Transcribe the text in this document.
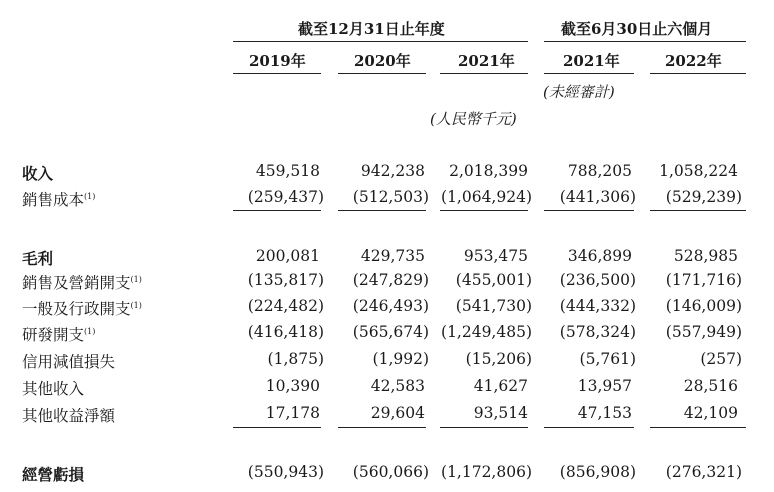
截至12月31日止年度	截至6月30日止六個月
2019年	2020年	2021年	2021年	2022年
(未經審計)
(人民幣千元)
收入	459,518	942,238	2,018,399	788,205	1,058,224
銷售成本$^{(1)}$	(259,437)	(512,503) (1,064,924)	(441,306)	(529,239)
毛利	200,081	429,735	953,475	346,899	528,985
銷售及營銷開支$^{(1)}$	(135,817)	(247,829)	(455,001)	(236,500)	(171,716)
一般及行政開支$^{(1)}$	(224,482)	(246,493)	(541,730)	(444,332)	(146,009)
研發開支$^{(1)}$	(416,418)	(565,674) (1,249,485)	(578,324)	(557,949)
信用減值損失	(1,875)	(1,992)	(15,206)	(5,761)	(257)
其他收入	10,390	42,583	41,627	13,957	28,516
其他收益淨額	17,178	29,604	93,514	47,153	42,109
經營虧損	(550,943)	(560,066) (1,172,806)	(856,908)	(276,321)
